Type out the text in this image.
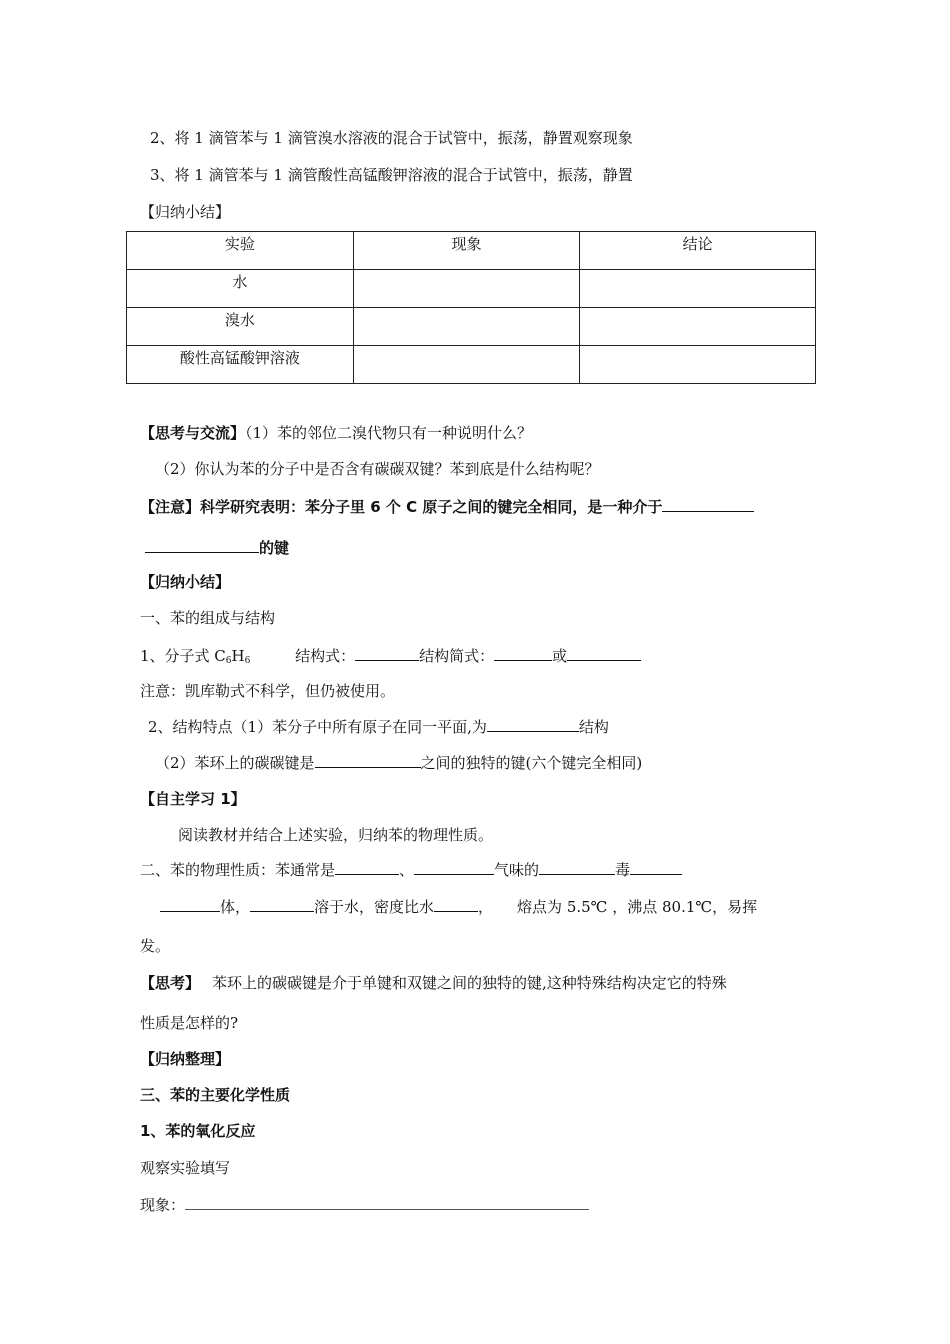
2、将 1 滴管苯与 1 滴管溴水溶液的混合于试管中，振荡，静置观察现象
3、将 1 滴管苯与 1 滴管酸性高锰酸钾溶液的混合于试管中，振荡，静置
【归纳小结】
实验	现象	结论
水		
溴水		
酸性高锰酸钾溶液		
【思考与交流】（1）苯的邻位二溴代物只有一种说明什么？
（2）你认为苯的分子中是否含有碳碳双键？苯到底是什么结构呢？
【注意】科学研究表明：苯分子里 6 个 C 原子之间的键完全相同，是一种介于
的键
【归纳小结】
一、苯的组成与结构
1、分子式 $C_6H_6$	结构式：	结构简式：	或
注意：凯库勒式不科学，但仍被使用。
2、结构特点（1）苯分子中所有原子在同一平面,为	结构
（2）苯环上的碳碳键是	之间的独特的键(六个键完全相同)
【自主学习 1】
阅读教材并结合上述实验，归纳苯的物理性质。
二、苯的物理性质：苯通常是	、	气味的	毒
体，	溶于水，密度比水	， 熔点为 5.5℃ ，沸点 80.1℃，易挥
发。
【思考】 苯环上的碳碳键是介于单键和双键之间的独特的键,这种特殊结构决定它的特殊
性质是怎样的?
【归纳整理】
三、苯的主要化学性质
1、苯的氧化反应
观察实验填写
现象：
